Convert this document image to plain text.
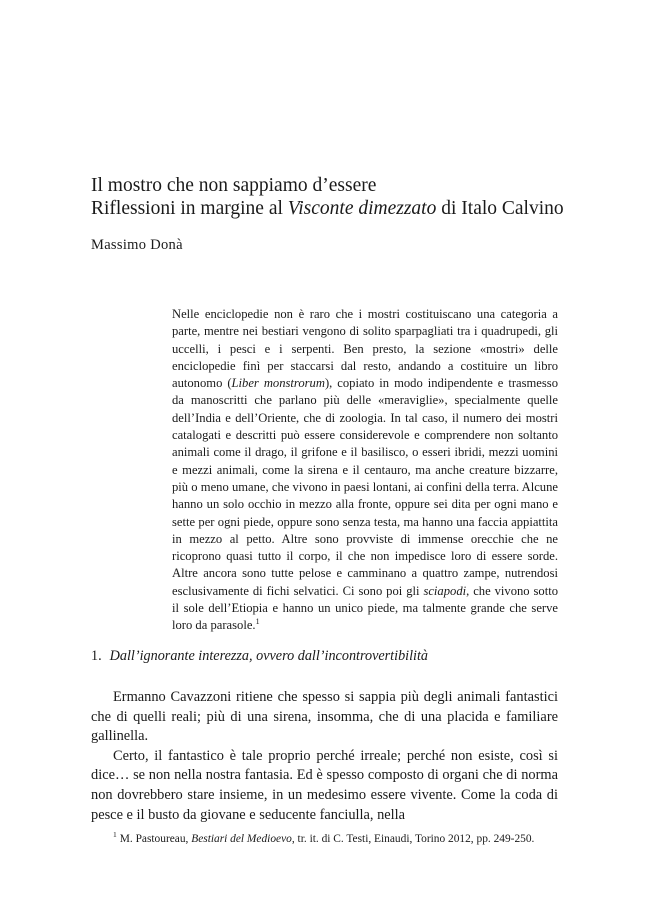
Il mostro che non sappiamo d’essere
Riflessioni in margine al Visconte dimezzato di Italo Calvino
Massimo Donà

Nelle enciclopedie non è raro che i mostri costituiscano una categoria a parte, mentre nei bestiari vengono di solito sparpagliati tra i quadrupedi, gli uccelli, i pesci e i serpenti. Ben presto, la sezione «mostri» delle enciclopedie finì per staccarsi dal resto, andando a costituire un libro autonomo (Liber monstrorum), copiato in modo indipendente e trasmesso da manoscritti che parlano più delle «meraviglie», specialmente quelle dell’India e dell’Oriente, che di zoologia. In tal caso, il numero dei mostri catalogati e descritti può essere considerevole e comprendere non soltanto animali come il drago, il grifone e il basilisco, o esseri ibridi, mezzi uomini e mezzi animali, come la sirena e il centauro, ma anche creature bizzarre, più o meno umane, che vivono in paesi lontani, ai confini della terra. Alcune hanno un solo occhio in mezzo alla fronte, oppure sei dita per ogni mano e sette per ogni piede, oppure sono senza testa, ma hanno una faccia appiattita in mezzo al petto. Altre sono provviste di immense orecchie che ne ricoprono quasi tutto il corpo, il che non impedisce loro di essere sorde. Altre ancora sono tutte pelose e camminano a quattro zampe, nutrendosi esclusivamente di fichi selvatici. Ci sono poi gli sciapodi, che vivono sotto il sole dell’Etiopia e hanno un unico piede, ma talmente grande che serve loro da parasole.$^1$

1. Dall’ignorante interezza, ovvero dall’incontrovertibilità

Ermanno Cavazzoni ritiene che spesso si sappia più degli animali fantastici che di quelli reali; più di una sirena, insomma, che di una placida e familiare gallinella.

Certo, il fantastico è tale proprio perché irreale; perché non esiste, così si dice… se non nella nostra fantasia. Ed è spesso composto di organi che di norma non dovrebbero stare insieme, in un medesimo essere vivente. Come la coda di pesce e il busto da giovane e seducente fanciulla, nella

$^1$ M. Pastoureau, Bestiari del Medioevo, tr. it. di C. Testi, Einaudi, Torino 2012, pp. 249-250.
